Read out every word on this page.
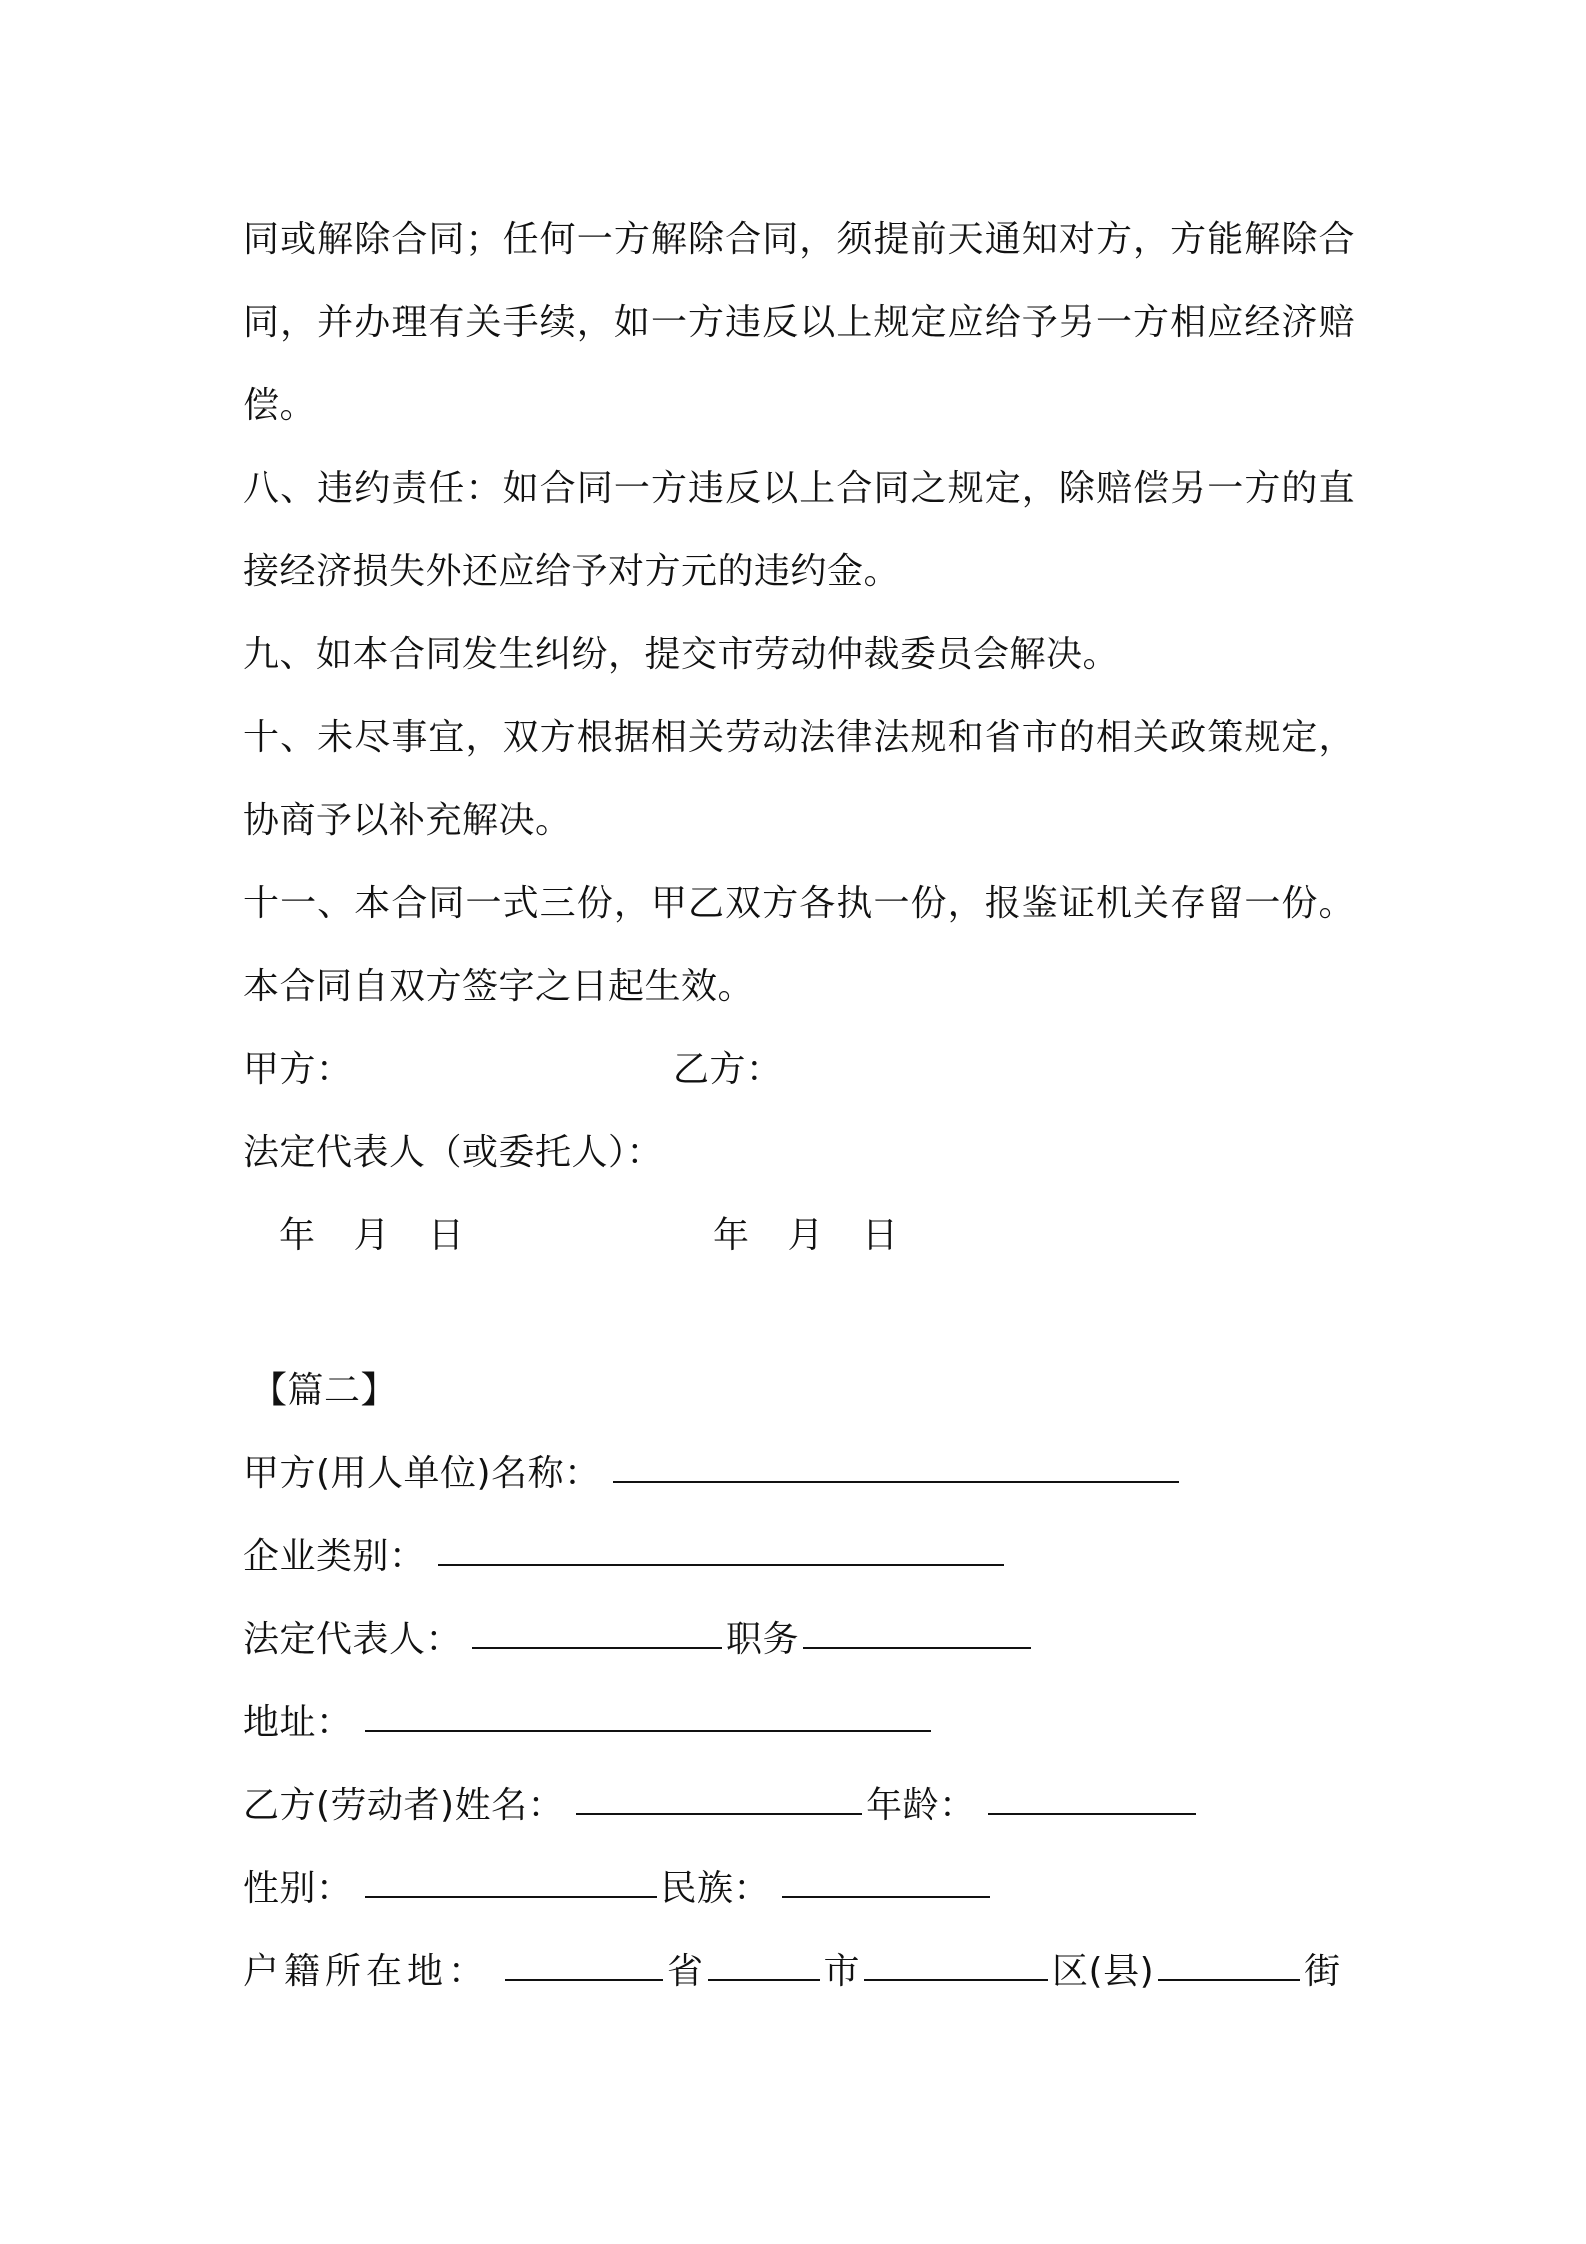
同或解除合同；任何一方解除合同，须提前天通知对方，方能解除合
同，并办理有关手续，如一方违反以上规定应给予另一方相应经济赔
偿。
八、违约责任：如合同一方违反以上合同之规定，除赔偿另一方的直
接经济损失外还应给予对方元的违约金。
九、如本合同发生纠纷，提交市劳动仲裁委员会解决。
十、未尽事宜，双方根据相关劳动法律法规和省市的相关政策规定，
协商予以补充解决。
十一、本合同一式三份，甲乙双方各执一份，报鉴证机关存留一份。
本合同自双方签字之日起生效。
甲方：	乙方：
法定代表人（或委托人）：
年 月 日	年 月 日
【篇二】
甲方(用人单位)名称：
企业类别：
法定代表人：	职务
地址：
乙方(劳动者)姓名：	年龄：
性别：	民族：
户籍所在地：	省	市	区(县)	街
